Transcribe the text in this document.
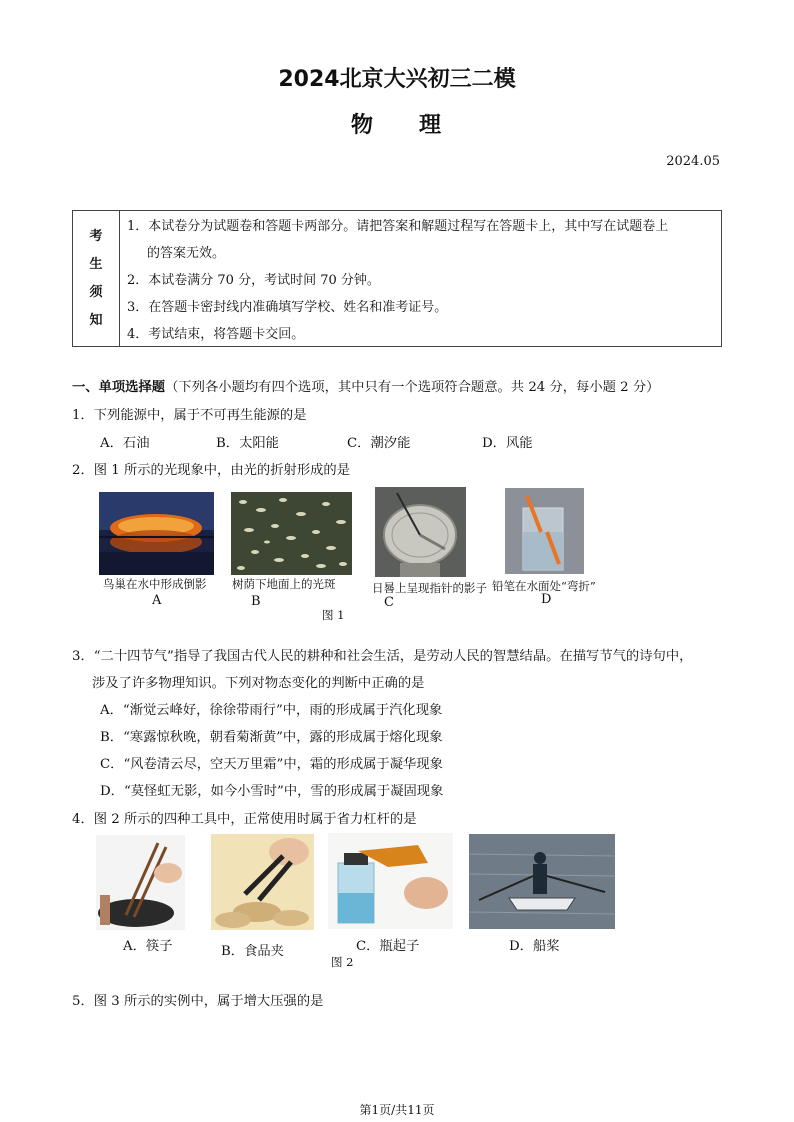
2024北京大兴初三二模
物 理
2024.05
考
生
须
知
1．本试卷分为试题卷和答题卡两部分。请把答案和解题过程写在答题卡上，其中写在试题卷上
的答案无效。
2．本试卷满分 70 分，考试时间 70 分钟。
3．在答题卡密封线内准确填写学校、姓名和准考证号。
4．考试结束，将答题卡交回。
一、单项选择题（下列各小题均有四个选项，其中只有一个选项符合题意。共 24 分，每小题 2 分）
1．下列能源中，属于不可再生能源的是
A．石油	B．太阳能	C．潮汐能	D．风能
2．图 1 所示的光现象中，由光的折射形成的是
鸟巢在水中形成倒影 树荫下地面上的光斑	日晷上呈现指针的影子 铅笔在水面处“弯折”
A	B	C	D
图 1
3．“二十四节气”指导了我国古代人民的耕种和社会生活，是劳动人民的智慧结晶。在描写节气的诗句中，
涉及了许多物理知识。下列对物态变化的判断中正确的是
A．“渐觉云峰好，徐徐带雨行”中，雨的形成属于汽化现象
B．“寒露惊秋晚，朝看菊渐黄”中，露的形成属于熔化现象
C．“风卷清云尽，空天万里霜”中，霜的形成属于凝华现象
D．“莫怪虹无影，如今小雪时”中，雪的形成属于凝固现象
4．图 2 所示的四种工具中，正常使用时属于省力杠杆的是
A．筷子	B．食品夹	C．瓶起子	D．船桨
图 2
5．图 3 所示的实例中，属于增大压强的是
第1页/共11页
